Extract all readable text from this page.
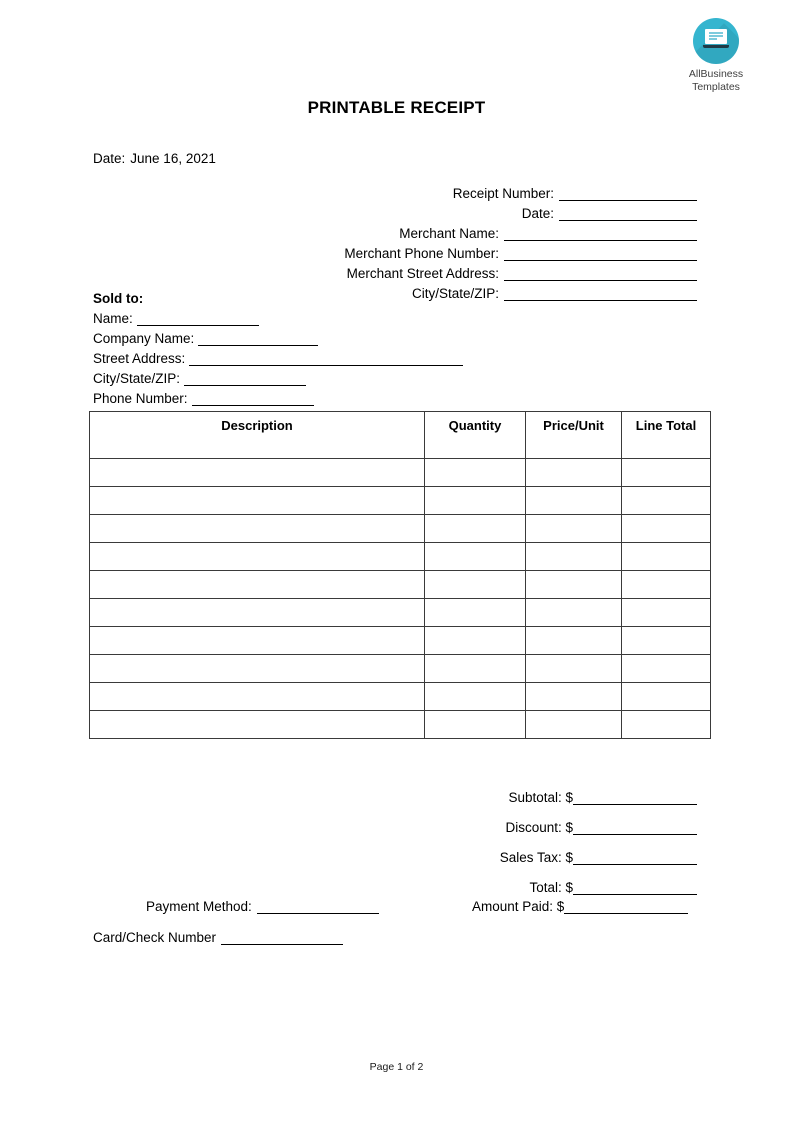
AllBusiness
Templates
PRINTABLE RECEIPT
Date: June 16, 2021
Receipt Number:
Date:
Merchant Name:
Merchant Phone Number:
Merchant Street Address:
City/State/ZIP:
Sold to:
Name:
Company Name:
Street Address:
City/State/ZIP:
Phone Number:
Description	Quantity	Price/Unit	Line Total

Subtotal: $
Discount: $
Sales Tax: $
Total: $
Payment Method:	Amount Paid: $
Card/Check Number
Page 1 of 2
